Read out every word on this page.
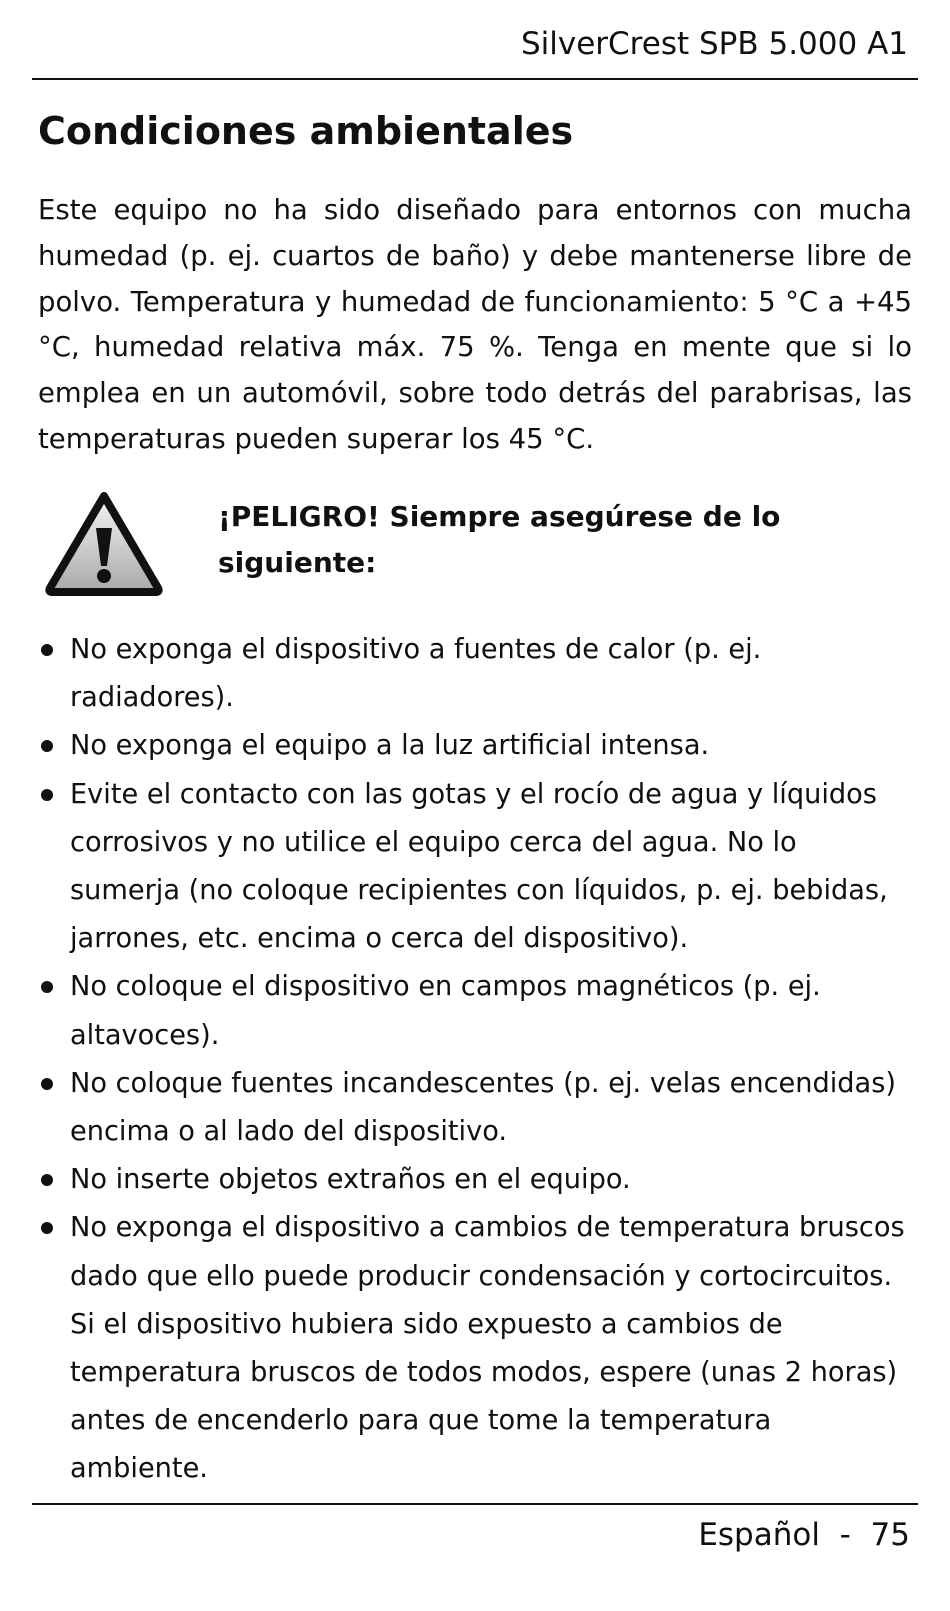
SilverCrest SPB 5.000 A1
Condiciones ambientales

Este equipo no ha sido diseñado para entornos con mucha humedad (p. ej. cuartos de baño) y debe mantenerse libre de polvo. Temperatura y humedad de funcionamiento: 5 °C a +45 °C, humedad relativa máx. 75 %. Tenga en mente que si lo emplea en un automóvil, sobre todo detrás del parabrisas, las temperaturas pueden superar los 45 °C.

¡PELIGRO! Siempre asegúrese de lo siguiente:
No exponga el dispositivo a fuentes de calor (p. ej. radiadores).
No exponga el equipo a la luz artificial intensa.
Evite el contacto con las gotas y el rocío de agua y líquidos corrosivos y no utilice el equipo cerca del agua. No lo sumerja (no coloque recipientes con líquidos, p. ej. bebidas, jarrones, etc. encima o cerca del dispositivo).
No coloque el dispositivo en campos magnéticos (p. ej. altavoces).
No coloque fuentes incandescentes (p. ej. velas encendidas) encima o al lado del dispositivo.
No inserte objetos extraños en el equipo.
No exponga el dispositivo a cambios de temperatura bruscos dado que ello puede producir condensación y cortocircuitos. Si el dispositivo hubiera sido expuesto a cambios de temperatura bruscos de todos modos, espere (unas 2 horas) antes de encenderlo para que tome la temperatura ambiente.
Español  -  75
